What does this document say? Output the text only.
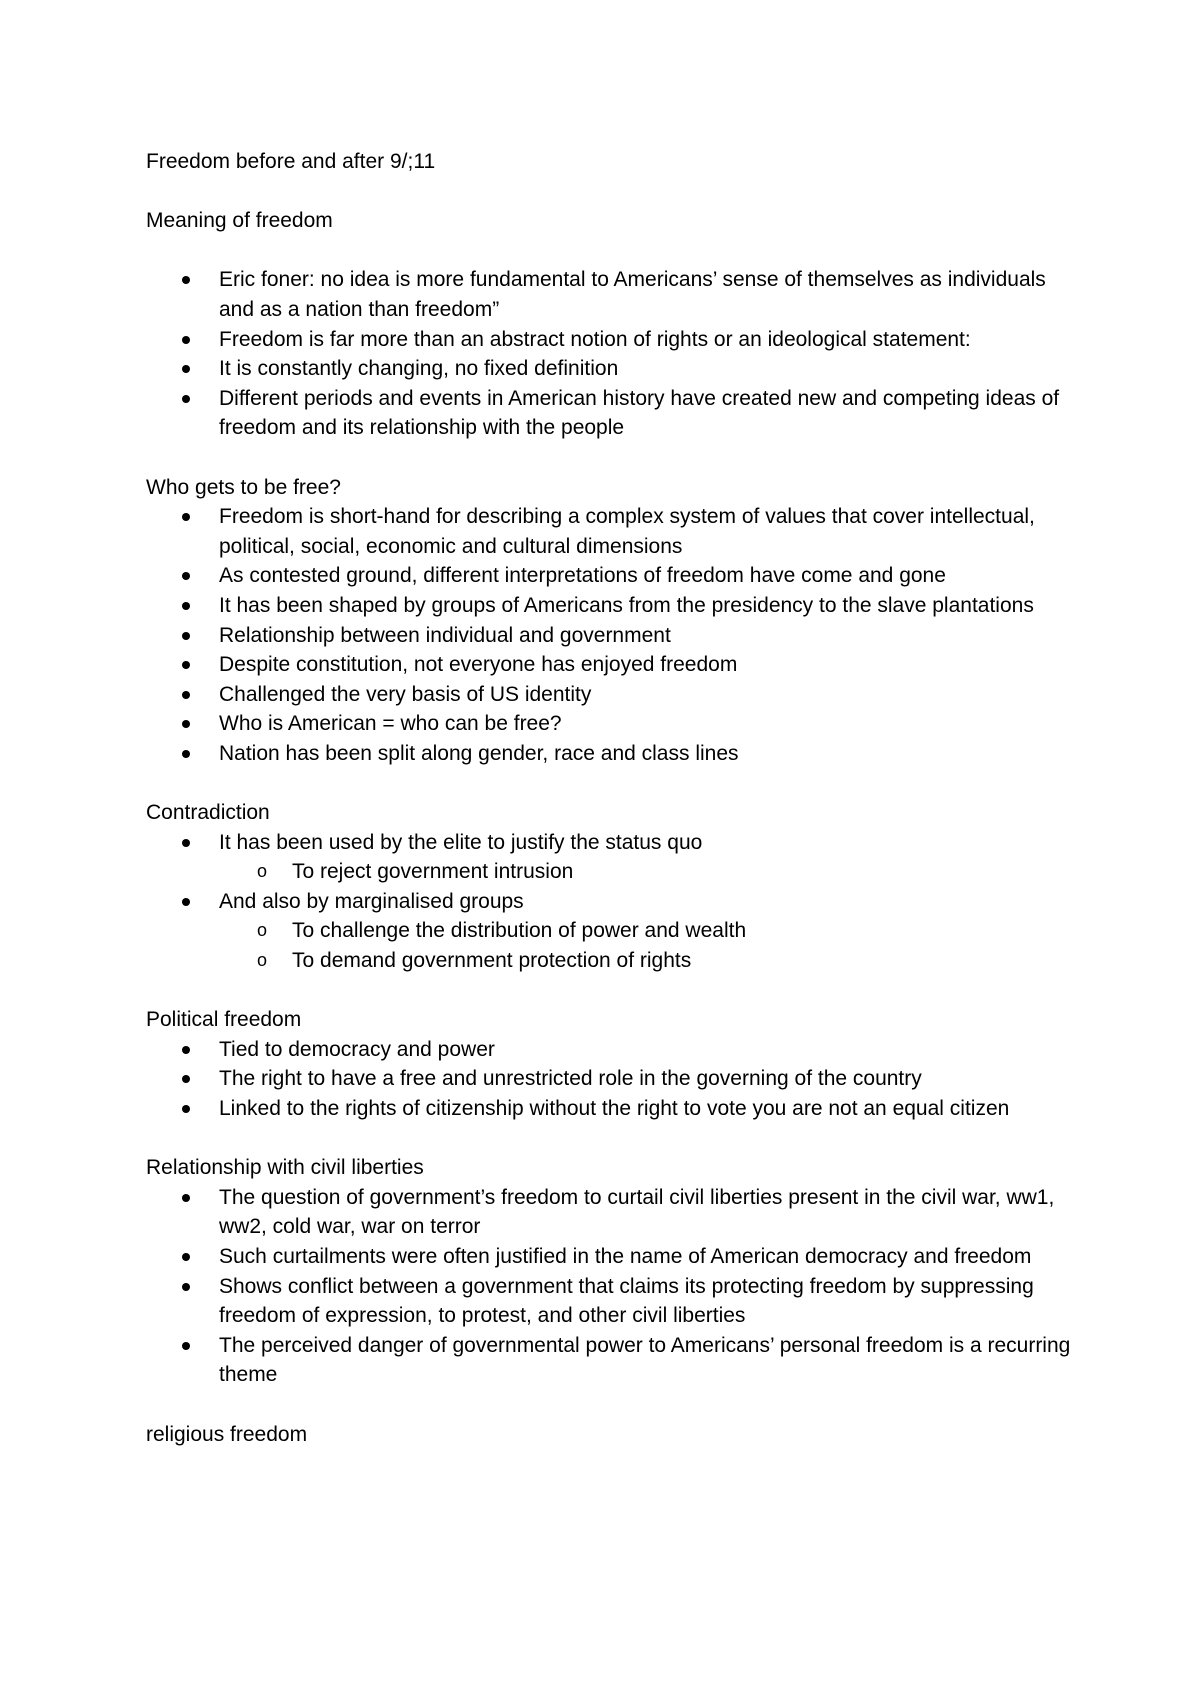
Freedom before and after 9/;11

Meaning of freedom

Eric foner: no idea is more fundamental to Americans’ sense of themselves as individuals and as a nation than freedom”
Freedom is far more than an abstract notion of rights or an ideological statement:
It is constantly changing, no fixed definition
Different periods and events in American history have created new and competing ideas of freedom and its relationship with the people

Who gets to be free?

Freedom is short-hand for describing a complex system of values that cover intellectual, political, social, economic and cultural dimensions
As contested ground, different interpretations of freedom have come and gone
It has been shaped by groups of Americans from the presidency to the slave plantations
Relationship between individual and government
Despite constitution, not everyone has enjoyed freedom
Challenged the very basis of US identity
Who is American = who can be free?
Nation has been split along gender, race and class lines

Contradiction

It has been used by the elite to justify the status quo
o To reject government intrusion
And also by marginalised groups
o To challenge the distribution of power and wealth
o To demand government protection of rights

Political freedom

Tied to democracy and power
The right to have a free and unrestricted role in the governing of the country
Linked to the rights of citizenship without the right to vote you are not an equal citizen

Relationship with civil liberties

The question of government’s freedom to curtail civil liberties present in the civil war, ww1, ww2, cold war, war on terror
Such curtailments were often justified in the name of American democracy and freedom
Shows conflict between a government that claims its protecting freedom by suppressing freedom of expression, to protest, and other civil liberties
The perceived danger of governmental power to Americans’ personal freedom is a recurring theme

religious freedom
